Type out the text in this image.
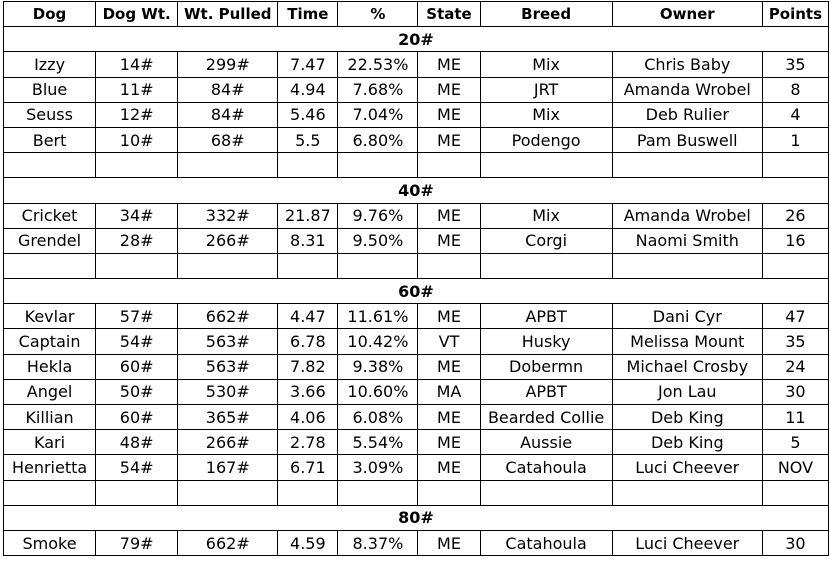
Dog	Dog Wt.	Wt. Pulled	Time	%	State	Breed	Owner	Points
20#								
Izzy	14#	299#	7.47	22.53%	ME	Mix	Chris Baby	35
Blue	11#	84#	4.94	7.68%	ME	JRT	Amanda Wrobel	8
Seuss	12#	84#	5.46	7.04%	ME	Mix	Deb Rulier	4
Bert	10#	68#	5.5	6.80%	ME	Podengo	Pam Buswell	1

40#								
Cricket	34#	332#	21.87	9.76%	ME	Mix	Amanda Wrobel	26
Grendel	28#	266#	8.31	9.50%	ME	Corgi	Naomi Smith	16

60#								
Kevlar	57#	662#	4.47	11.61%	ME	APBT	Dani Cyr	47
Captain	54#	563#	6.78	10.42%	VT	Husky	Melissa Mount	35
Hekla	60#	563#	7.82	9.38%	ME	Dobermn	Michael Crosby	24
Angel	50#	530#	3.66	10.60%	MA	APBT	Jon Lau	30
Killian	60#	365#	4.06	6.08%	ME	Bearded Collie	Deb King	11
Kari	48#	266#	2.78	5.54%	ME	Aussie	Deb King	5
Henrietta	54#	167#	6.71	3.09%	ME	Catahoula	Luci Cheever	NOV

80#								
Smoke	79#	662#	4.59	8.37%	ME	Catahoula	Luci Cheever	30
